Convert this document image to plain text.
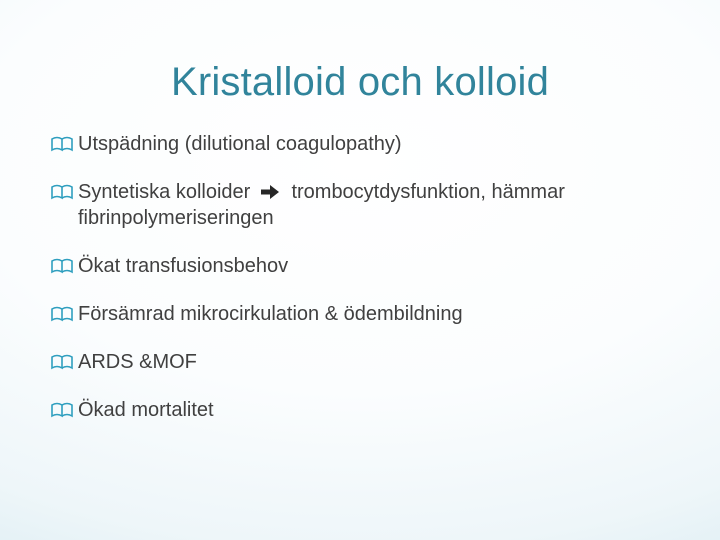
Kristalloid och kolloid
Utspädning (dilutional coagulopathy)
Syntetiska kolloider trombocytdysfunktion, hämmar
fibrinpolymeriseringen
Ökat transfusionsbehov
Försämrad mikrocirkulation & ödembildning
ARDS &MOF
Ökad mortalitet
